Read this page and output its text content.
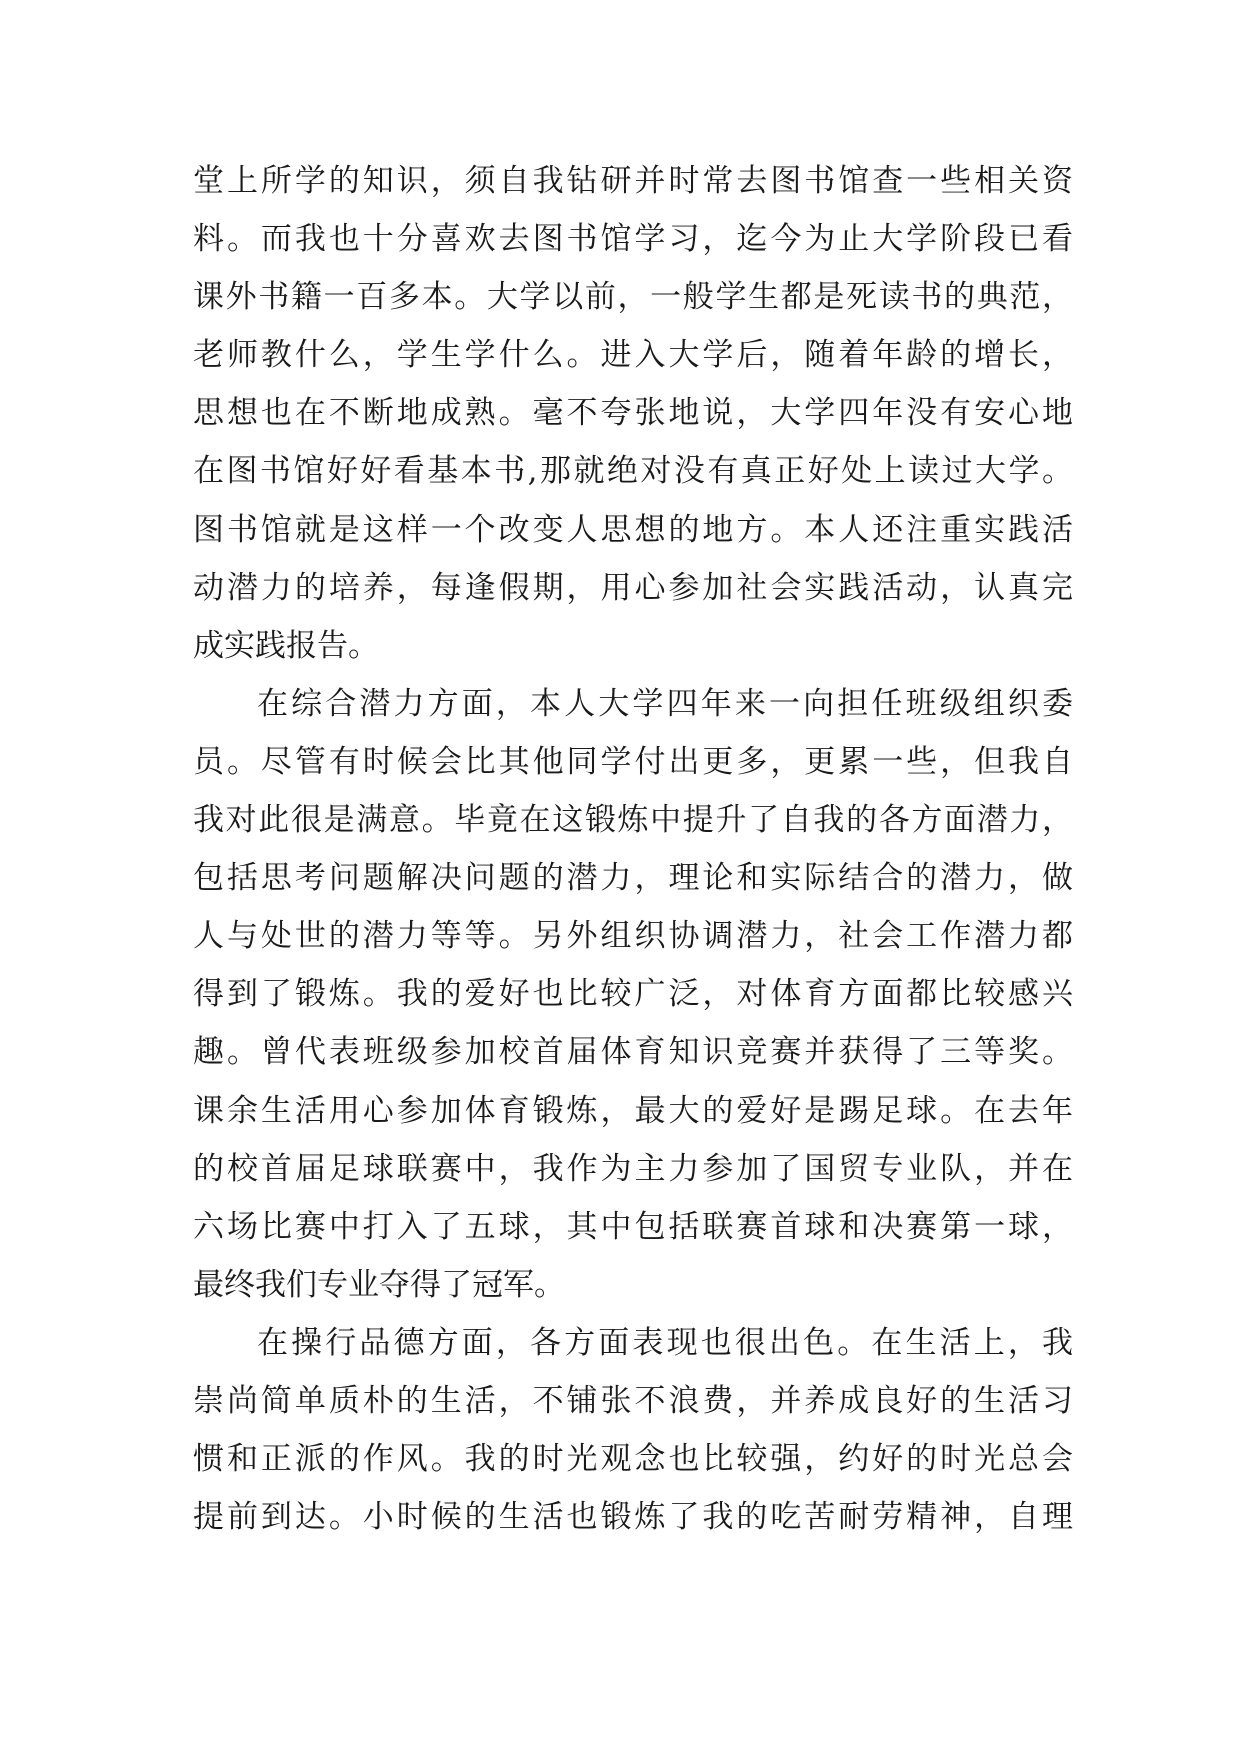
堂上所学的知识，须自我钻研并时常去图书馆查一些相关资
料。而我也十分喜欢去图书馆学习，迄今为止大学阶段已看
课外书籍一百多本。大学以前，一般学生都是死读书的典范，
老师教什么，学生学什么。进入大学后，随着年龄的增长，
思想也在不断地成熟。毫不夸张地说，大学四年没有安心地
在图书馆好好看基本书,那就绝对没有真正好处上读过大学。
图书馆就是这样一个改变人思想的地方。本人还注重实践活
动潜力的培养，每逢假期，用心参加社会实践活动，认真完
成实践报告。
在综合潜力方面，本人大学四年来一向担任班级组织委
员。尽管有时候会比其他同学付出更多，更累一些，但我自
我对此很是满意。毕竟在这锻炼中提升了自我的各方面潜力，
包括思考问题解决问题的潜力，理论和实际结合的潜力，做
人与处世的潜力等等。另外组织协调潜力，社会工作潜力都
得到了锻炼。我的爱好也比较广泛，对体育方面都比较感兴
趣。曾代表班级参加校首届体育知识竞赛并获得了三等奖。
课余生活用心参加体育锻炼，最大的爱好是踢足球。在去年
的校首届足球联赛中，我作为主力参加了国贸专业队，并在
六场比赛中打入了五球，其中包括联赛首球和决赛第一球，
最终我们专业夺得了冠军。
在操行品德方面，各方面表现也很出色。在生活上，我
崇尚简单质朴的生活，不铺张不浪费，并养成良好的生活习
惯和正派的作风。我的时光观念也比较强，约好的时光总会
提前到达。小时候的生活也锻炼了我的吃苦耐劳精神，自理
